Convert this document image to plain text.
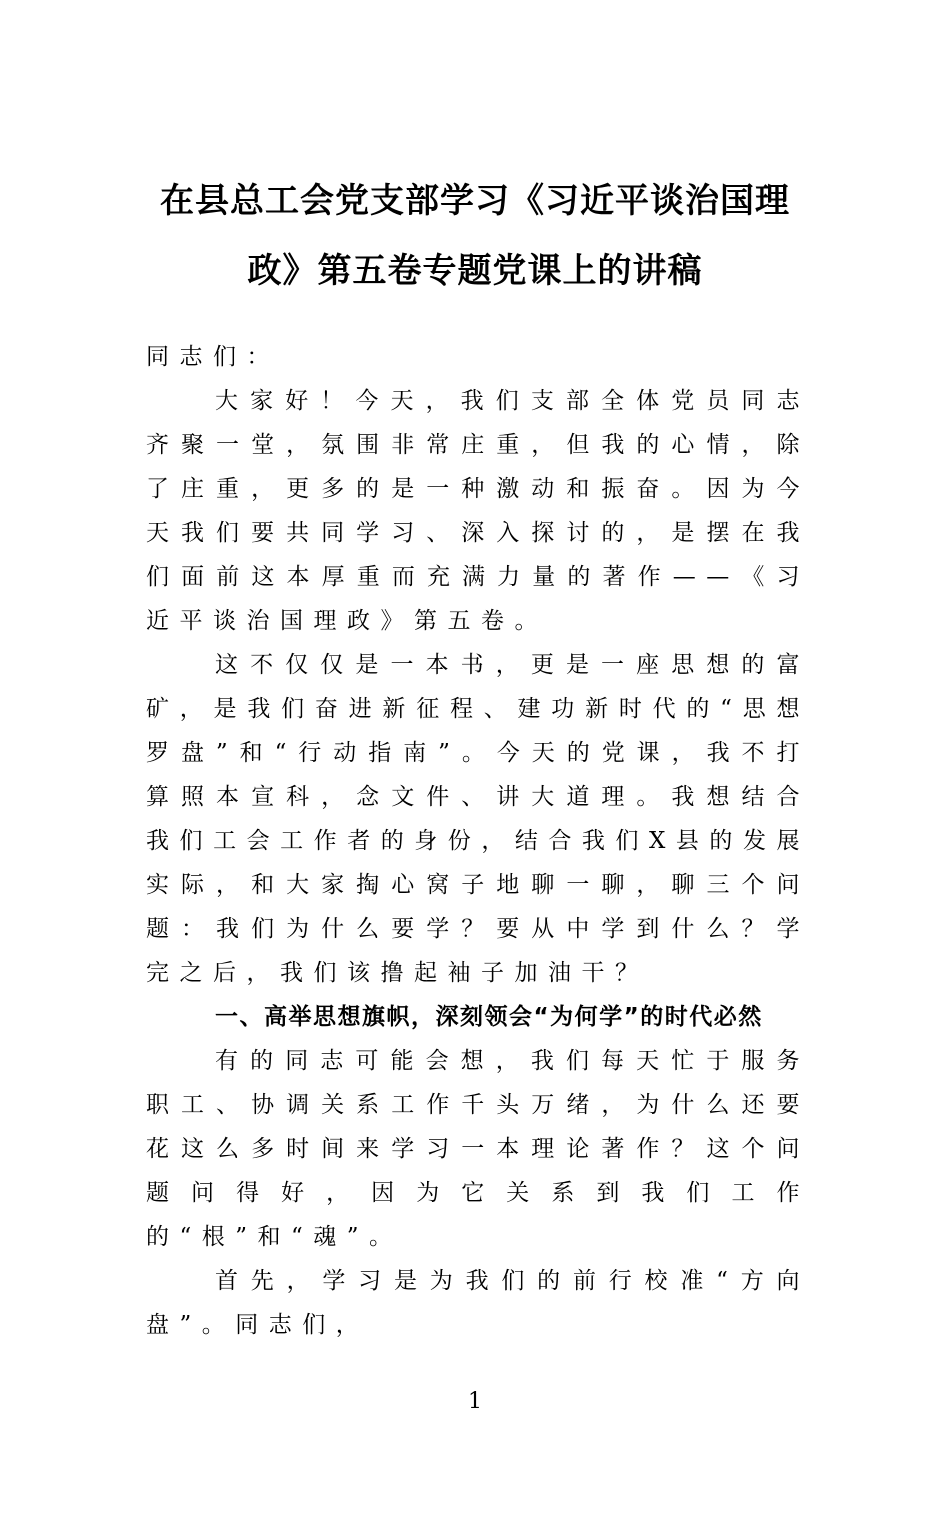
在县总工会党支部学习《习近平谈治国理
政》第五卷专题党课上的讲稿

同志们：

大家好！今天，我们支部全体党员同志齐聚一堂，氛围非常庄重，但我的心情，除了庄重，更多的是一种激动和振奋。因为今天我们要共同学习、深入探讨的，是摆在我们面前这本厚重而充满力量的著作——《习近平谈治国理政》第五卷。

这不仅仅是一本书，更是一座思想的富矿，是我们奋进新征程、建功新时代的“思想罗盘”和“行动指南”。今天的党课，我不打算照本宣科，念文件、讲大道理。我想结合我们工会工作者的身份，结合我们X县的发展实际，和大家掏心窝子地聊一聊，聊三个问题：我们为什么要学？要从中学到什么？学完之后，我们该撸起袖子加油干？

一、高举思想旗帜，深刻领会“为何学”的时代必然

有的同志可能会想，我们每天忙于服务职工、协调关系工作千头万绪，为什么还要花这么多时间来学习一本理论著作？这个问题问得好，因为它关系到我们工作的“根”和“魂”。

首先，学习是为我们的前行校准“方向盘”。同志们，

1
